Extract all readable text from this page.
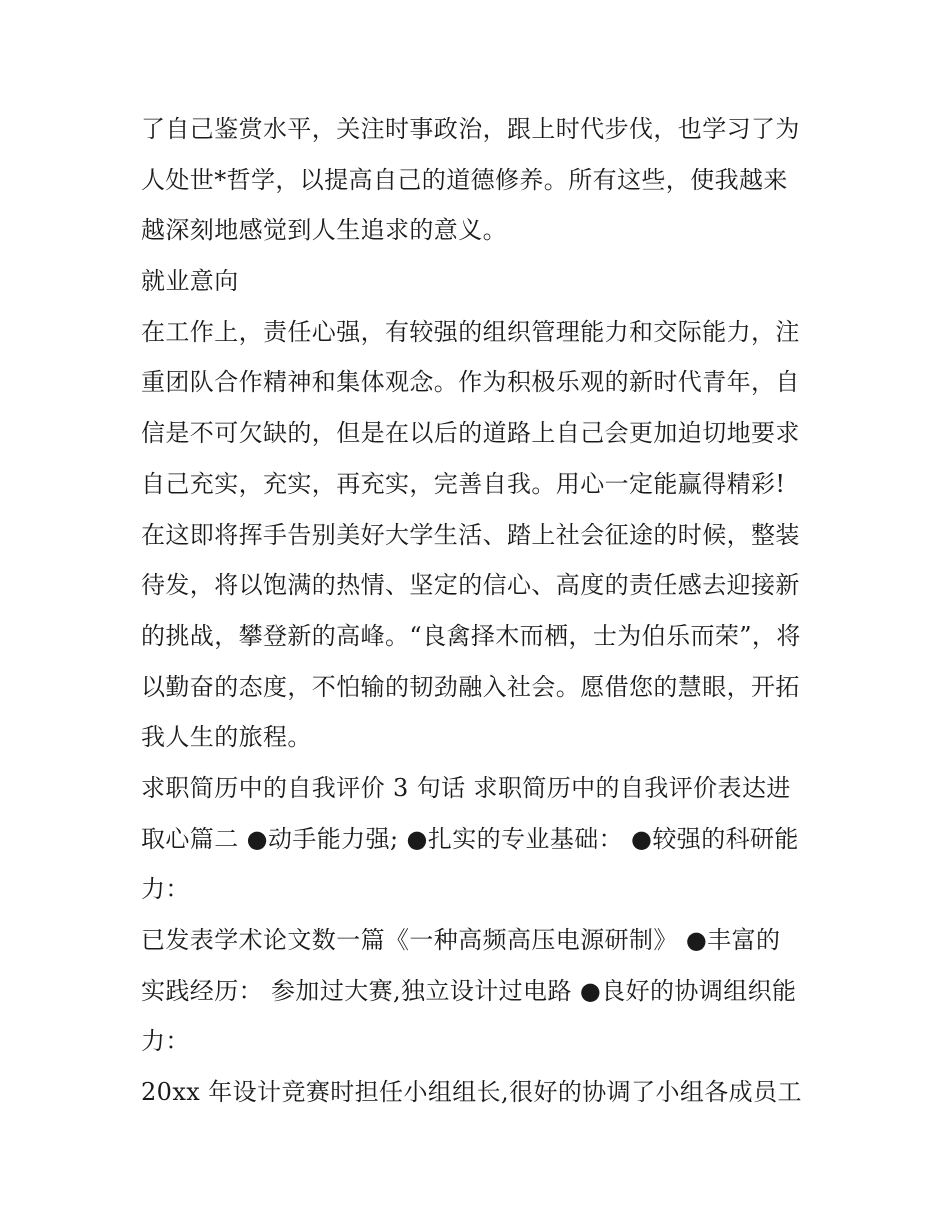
了自己鉴赏水平，关注时事政治，跟上时代步伐，也学习了为
人处世*哲学，以提高自己的道德修养。所有这些，使我越来
越深刻地感觉到人生追求的意义。
就业意向
在工作上，责任心强，有较强的组织管理能力和交际能力，注
重团队合作精神和集体观念。作为积极乐观的新时代青年，自
信是不可欠缺的，但是在以后的道路上自己会更加迫切地要求
自己充实，充实，再充实，完善自我。用心一定能赢得精彩!
在这即将挥手告别美好大学生活、踏上社会征途的时候，整装
待发，将以饱满的热情、坚定的信心、高度的责任感去迎接新
的挑战，攀登新的高峰。“良禽择木而栖，士为伯乐而荣”，将
以勤奋的态度，不怕输的韧劲融入社会。愿借您的慧眼，开拓
我人生的旅程。
求职简历中的自我评价 3 句话 求职简历中的自我评价表达进
取心篇二 ●动手能力强; ●扎实的专业基础： ●较强的科研能
力：
已发表学术论文数一篇《一种高频高压电源研制》 ●丰富的
实践经历： 参加过大赛,独立设计过电路 ●良好的协调组织能
力：
20xx 年设计竞赛时担任小组组长,很好的协调了小组各成员工
